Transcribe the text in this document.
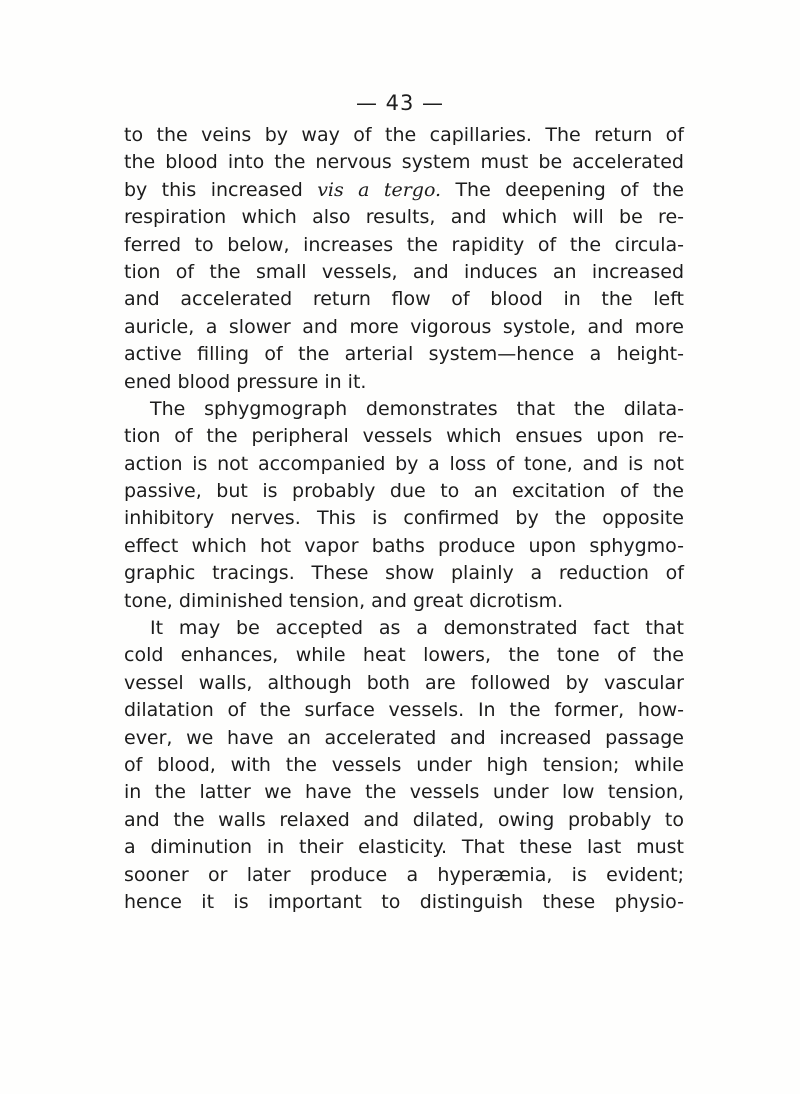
— 43 —
to the veins by way of the capillaries. The return of
the blood into the nervous system must be accelerated
by this increased vis a tergo. The deepening of the
respiration which also results, and which will be re-
ferred to below, increases the rapidity of the circula-
tion of the small vessels, and induces an increased
and accelerated return flow of blood in the left
auricle, a slower and more vigorous systole, and more
active filling of the arterial system—hence a height-
ened blood pressure in it.
The sphygmograph demonstrates that the dilata-
tion of the peripheral vessels which ensues upon re-
action is not accompanied by a loss of tone, and is not
passive, but is probably due to an excitation of the
inhibitory nerves. This is confirmed by the opposite
effect which hot vapor baths produce upon sphygmo-
graphic tracings. These show plainly a reduction of
tone, diminished tension, and great dicrotism.
It may be accepted as a demonstrated fact that
cold enhances, while heat lowers, the tone of the
vessel walls, although both are followed by vascular
dilatation of the surface vessels. In the former, how-
ever, we have an accelerated and increased passage
of blood, with the vessels under high tension; while
in the latter we have the vessels under low tension,
and the walls relaxed and dilated, owing probably to
a diminution in their elasticity. That these last must
sooner or later produce a hyperæmia, is evident;
hence it is important to distinguish these physio-
